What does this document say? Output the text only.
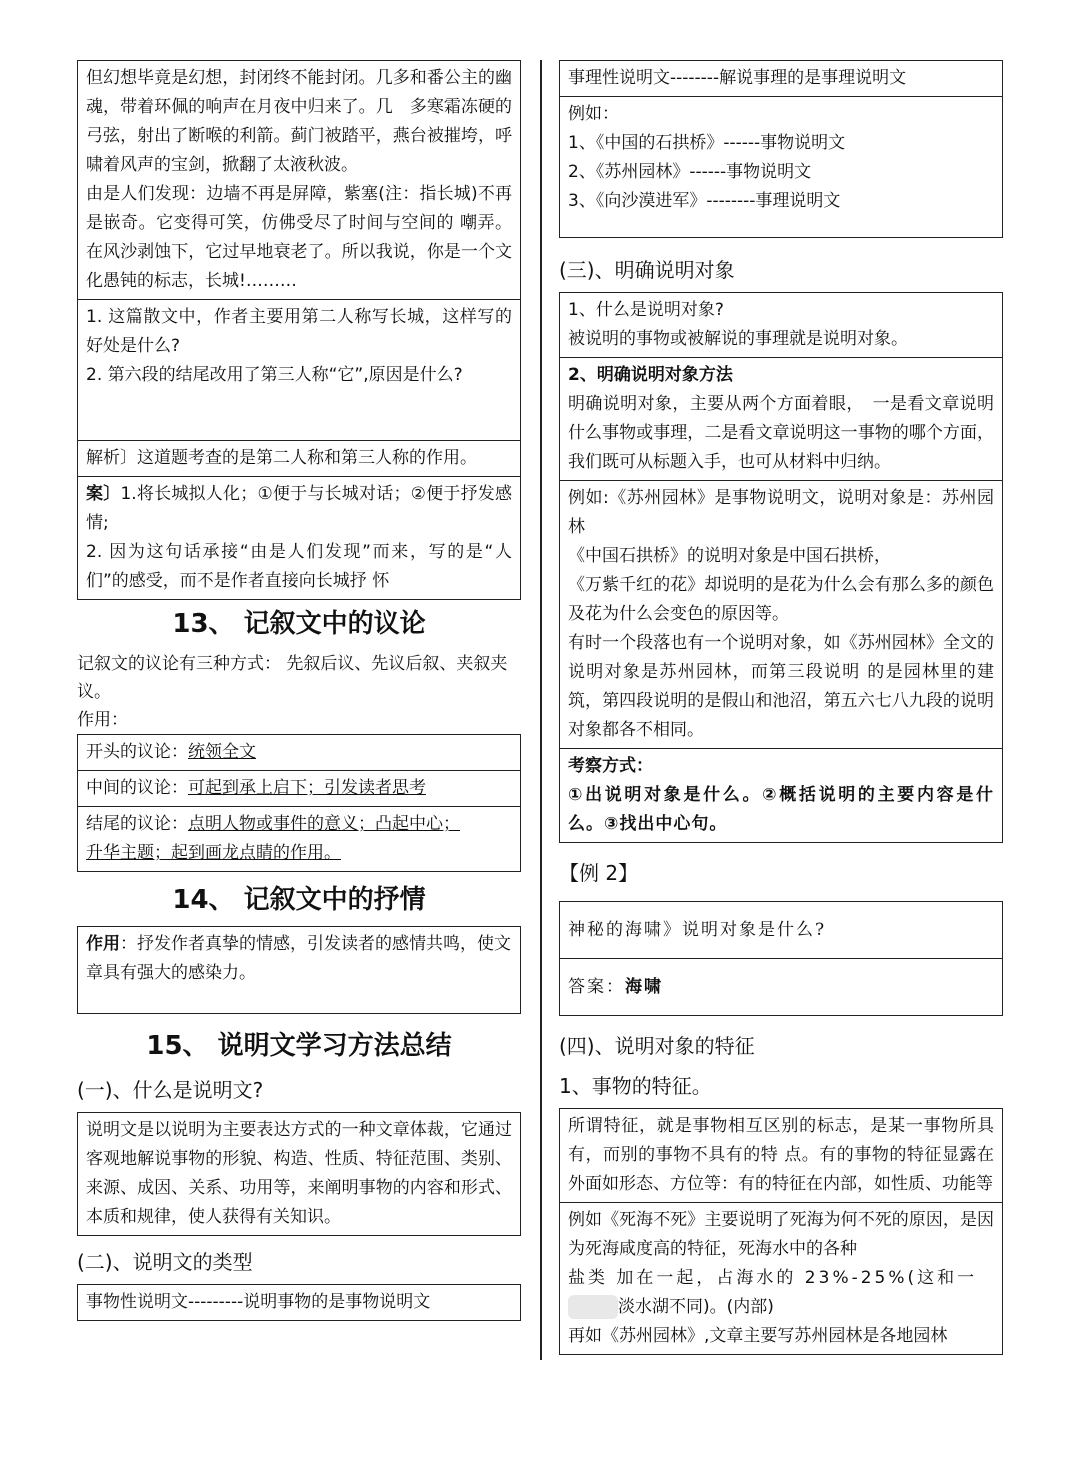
但幻想毕竟是幻想，封闭终不能封闭。几多和番公主的幽魂，带着环佩的响声在月夜中归来了。几　多寒霜冻硬的弓弦，射出了断喉的利箭。蓟门被踏平，燕台被摧垮，呼啸着风声的宝剑，掀翻了太液秋波。

由是人们发现：边墙不再是屏障，紫塞(注：指长城)不再是嵌奇。它变得可笑，仿佛受尽了时间与空间的 嘲弄。在风沙剥蚀下，它过早地衰老了。所以我说，你是一个文化愚钝的标志，长城!………

1. 这篇散文中，作者主要用第二人称写长城，这样写的好处是什么?

2. 第六段的结尾改用了第三人称“它”,原因是什么?

解析〕这道题考查的是第二人称和第三人称的作用。

案〕1.将长城拟人化；①便于与长城对话；②便于抒发感情;

2. 因为这句话承接“由是人们发现”而来，写的是“人们”的感受，而不是作者直接向长城抒 怀

13、 记叙文中的议论
记叙文的议论有三种方式： 先叙后议、先议后叙、夹叙夹议。
作用：
开头的议论：统领全文
中间的议论：可起到承上启下；引发读者思考
结尾的议论：点明人物或事件的意义；凸起中心；
升华主题；起到画龙点睛的作用。
14、 记叙文中的抒情
作用：抒发作者真挚的情感，引发读者的感情共鸣，使文章具有强大的感染力。
15、 说明文学习方法总结
(一)、什么是说明文?
说明文是以说明为主要表达方式的一种文章体裁，它通过客观地解说事物的形貌、构造、性质、特征范围、类别、来源、成因、关系、功用等，来阐明事物的内容和形式、本质和规律，使人获得有关知识。
(二)、说明文的类型
事物性说明文---------说明事物的是事物说明文
事理性说明文--------解说事理的是事理说明文

例如：

1、《中国的石拱桥》------事物说明文

2、《苏州园林》------事物说明文

3、《向沙漠进军》--------事理说明文

(三)、明确说明对象

1、什么是说明对象?

被说明的事物或被解说的事理就是说明对象。

2、明确说明对象方法

明确说明对象，主要从两个方面着眼，　一是看文章说明什么事物或事理，二是看文章说明这一事物的哪个方面，我们既可从标题入手，也可从材料中归纳。

例如:《苏州园林》是事物说明文，说明对象是：苏州园林

《中国石拱桥》的说明对象是中国石拱桥，

《万紫千红的花》却说明的是花为什么会有那么多的颜色及花为什么会变色的原因等。

有时一个段落也有一个说明对象，如《苏州园林》全文的说明对象是苏州园林，而第三段说明 的是园林里的建筑，第四段说明的是假山和池沼，第五六七八九段的说明对象都各不相同。

考察方式：

①出说明对象是什么。②概括说明的主要内容是什么。③找出中心句。

【例 2】
神秘的海啸》说明对象是什么?
答案：海啸
(四)、说明对象的特征
1、事物的特征。
所谓特征，就是事物相互区别的标志，是某一事物所具有，而别的事物不具有的特 点。有的事物的特征显露在外面如形态、方位等：有的特征在内部，如性质、功能等

例如《死海不死》主要说明了死海为何不死的原因，是因为死海咸度高的特征，死海水中的各种

盐类 加在一起，占海水的 23%-25%(这和一

淡水湖不同)。(内部)

再如《苏州园林》,文章主要写苏州园林是各地园林
